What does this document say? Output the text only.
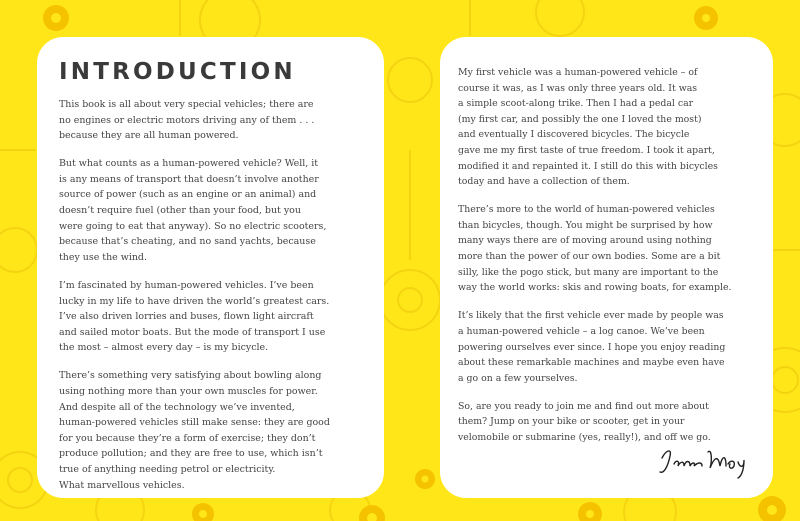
INTRODUCTION

This book is all about very special vehicles; there are
no engines or electric motors driving any of them . . .
because they are all human powered.

But what counts as a human-powered vehicle? Well, it
is any means of transport that doesn’t involve another
source of power (such as an engine or an animal) and
doesn’t require fuel (other than your food, but you
were going to eat that anyway). So no electric scooters,
because that’s cheating, and no sand yachts, because
they use the wind.

I’m fascinated by human-powered vehicles. I’ve been
lucky in my life to have driven the world’s greatest cars.
I’ve also driven lorries and buses, flown light aircraft
and sailed motor boats. But the mode of transport I use
the most – almost every day – is my bicycle.

There’s something very satisfying about bowling along
using nothing more than your own muscles for power.
And despite all of the technology we’ve invented,
human-powered vehicles still make sense: they are good
for you because they’re a form of exercise; they don’t
produce pollution; and they are free to use, which isn’t
true of anything needing petrol or electricity.
What marvellous vehicles.

My first vehicle was a human-powered vehicle – of
course it was, as I was only three years old. It was
a simple scoot-along trike. Then I had a pedal car
(my first car, and possibly the one I loved the most)
and eventually I discovered bicycles. The bicycle
gave me my first taste of true freedom. I took it apart,
modified it and repainted it. I still do this with bicycles
today and have a collection of them.

There’s more to the world of human-powered vehicles
than bicycles, though. You might be surprised by how
many ways there are of moving around using nothing
more than the power of our own bodies. Some are a bit
silly, like the pogo stick, but many are important to the
way the world works: skis and rowing boats, for example.

It’s likely that the first vehicle ever made by people was
a human-powered vehicle – a log canoe. We’ve been
powering ourselves ever since. I hope you enjoy reading
about these remarkable machines and maybe even have
a go on a few yourselves.

So, are you ready to join me and find out more about
them? Jump on your bike or scooter, get in your
velomobile or submarine (yes, really!), and off we go.
